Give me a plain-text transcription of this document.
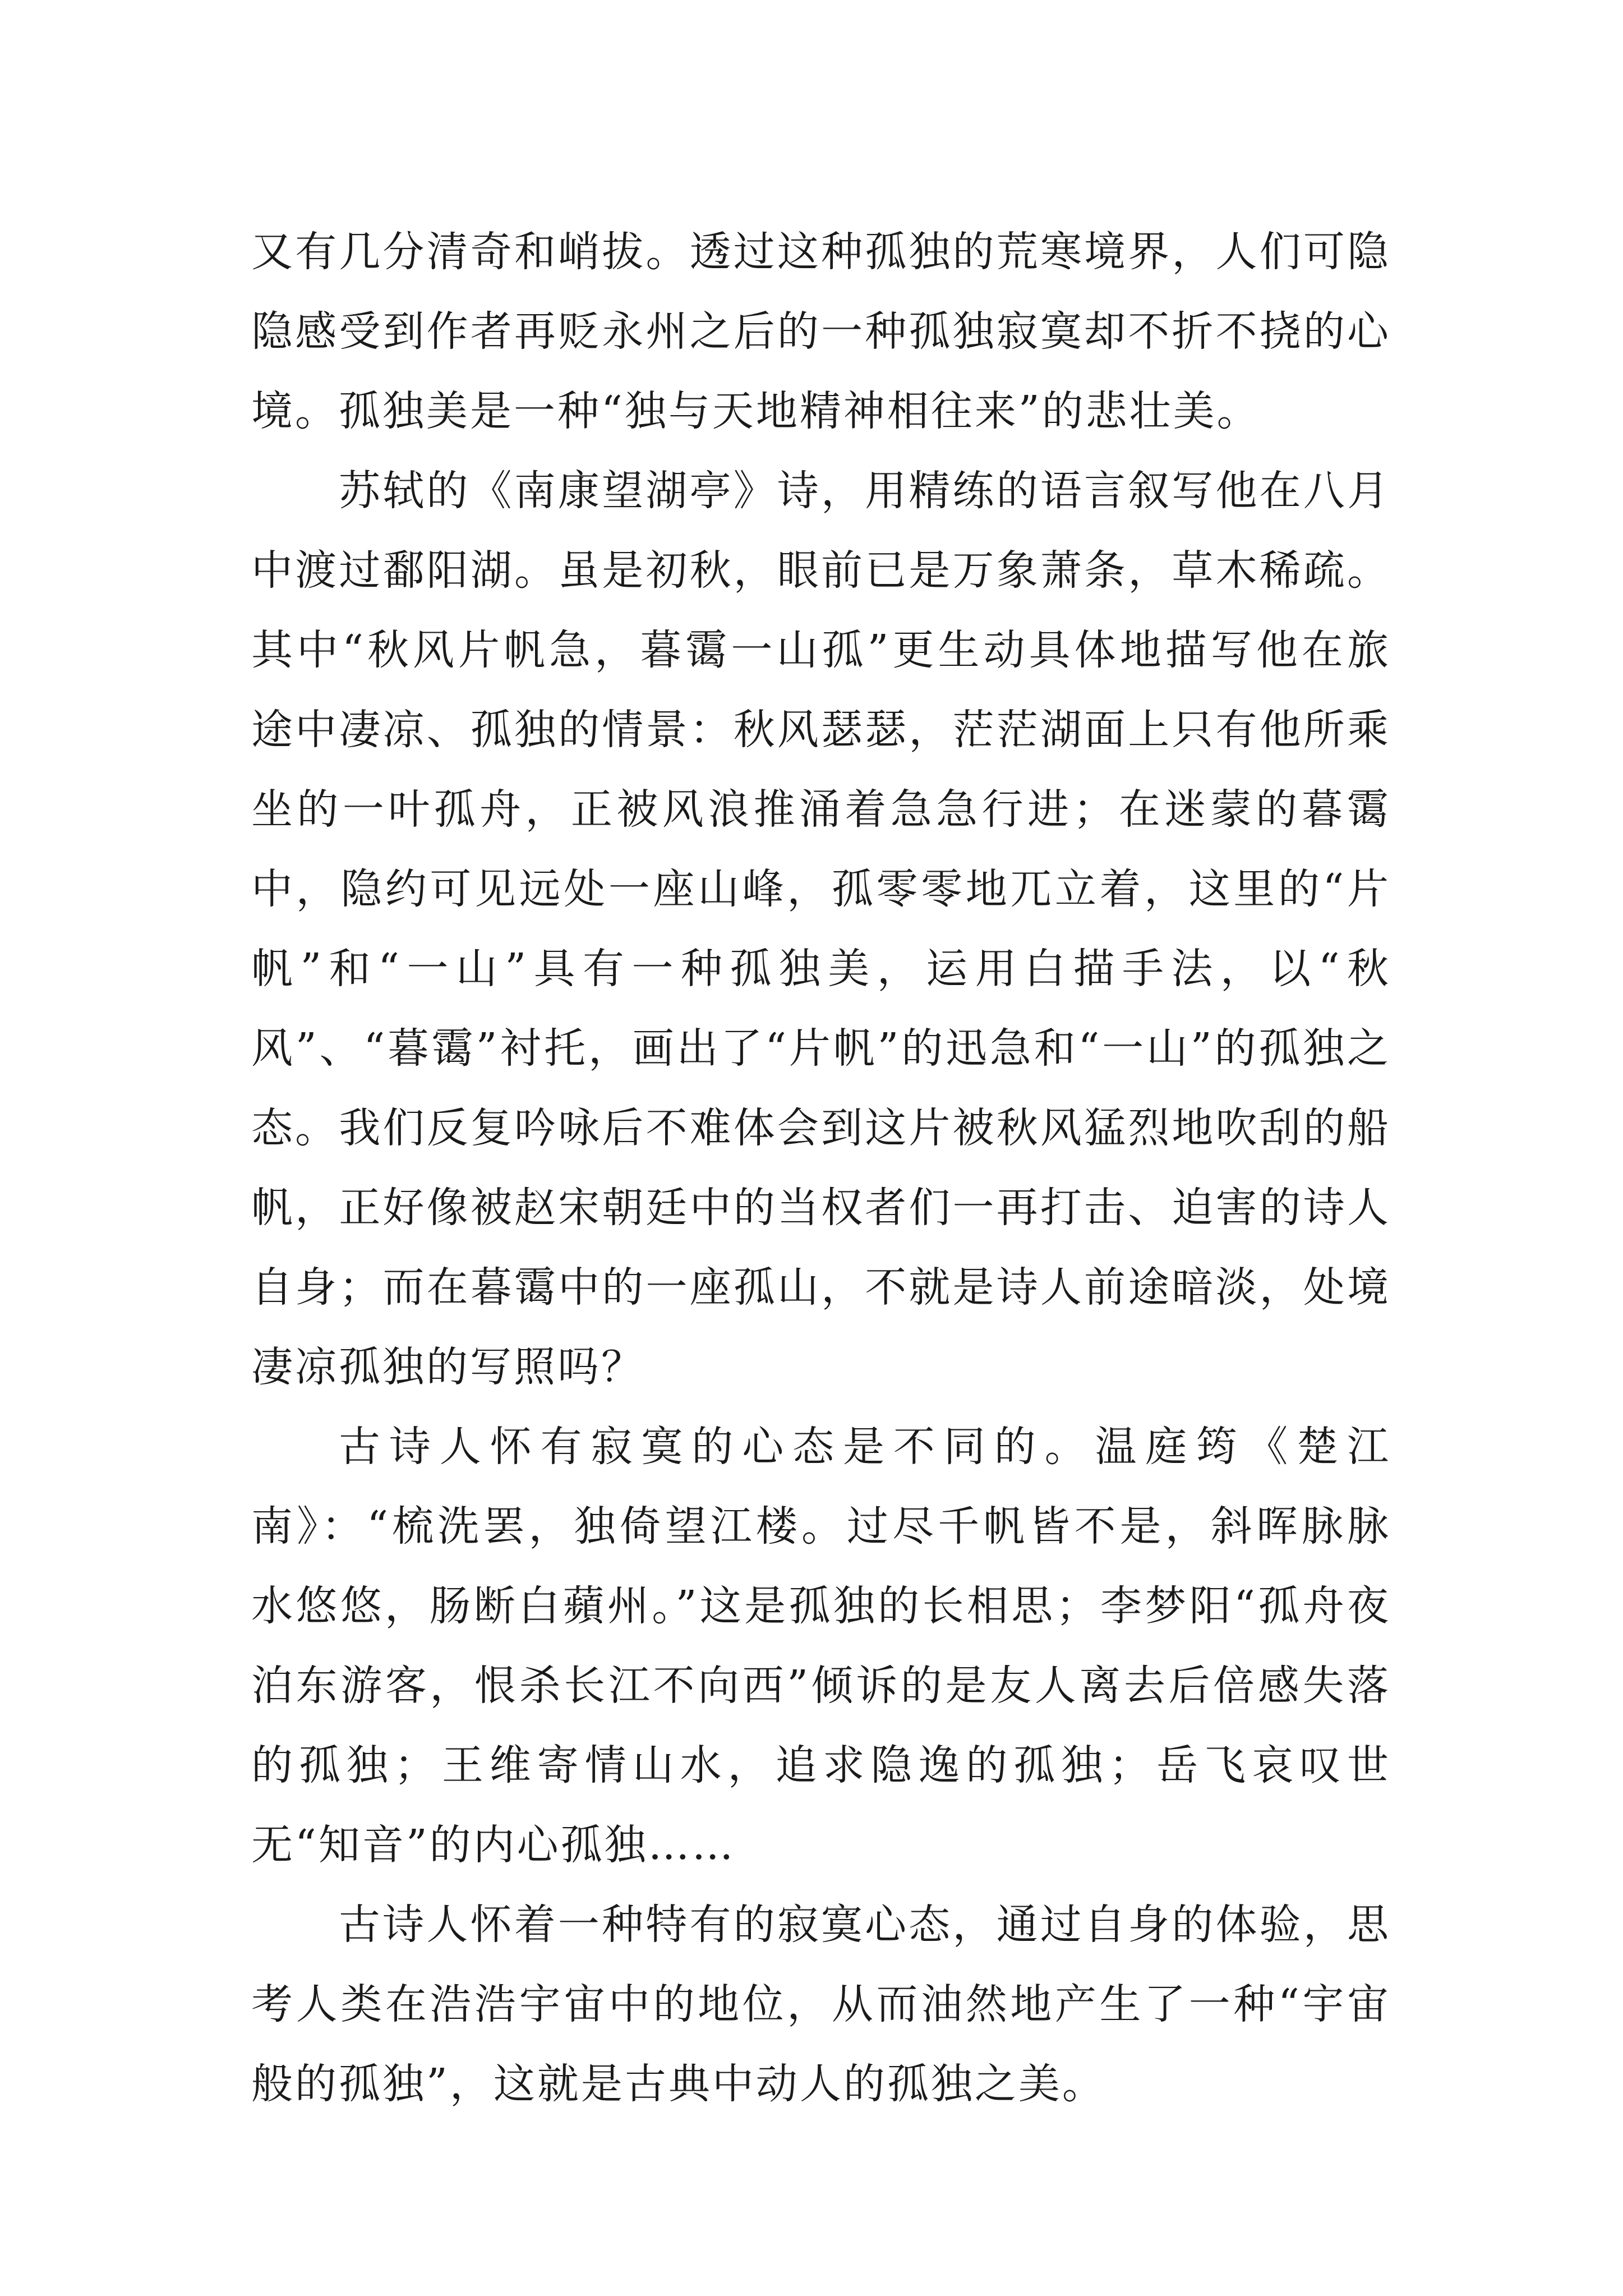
又有几分清奇和峭拔。透过这种孤独的荒寒境界，人们可隐隐感受到作者再贬永州之后的一种孤独寂寞却不折不挠的心境。孤独美是一种“独与天地精神相往来”的悲壮美。

苏轼的《南康望湖亭》诗，用精练的语言叙写他在八月中渡过鄱阳湖。虽是初秋，眼前已是万象萧条，草木稀疏。其中“秋风片帆急，暮霭一山孤”更生动具体地描写他在旅途中凄凉、孤独的情景：秋风瑟瑟，茫茫湖面上只有他所乘坐的一叶孤舟，正被风浪推涌着急急行进；在迷蒙的暮霭中，隐约可见远处一座山峰，孤零零地兀立着，这里的“片帆”和“一山”具有一种孤独美，运用白描手法，以“秋风”、“暮霭”衬托，画出了“片帆”的迅急和“一山”的孤独之态。我们反复吟咏后不难体会到这片被秋风猛烈地吹刮的船帆，正好像被赵宋朝廷中的当权者们一再打击、迫害的诗人自身；而在暮霭中的一座孤山，不就是诗人前途暗淡，处境凄凉孤独的写照吗？

古诗人怀有寂寞的心态是不同的。温庭筠《楚江南》：“梳洗罢，独倚望江楼。过尽千帆皆不是，斜晖脉脉水悠悠，肠断白蘋州。”这是孤独的长相思；李梦阳“孤舟夜泊东游客，恨杀长江不向西”倾诉的是友人离去后倍感失落的孤独；王维寄情山水，追求隐逸的孤独；岳飞哀叹世无“知音”的内心孤独……

古诗人怀着一种特有的寂寞心态，通过自身的体验，思考人类在浩浩宇宙中的地位，从而油然地产生了一种“宇宙般的孤独”，这就是古典中动人的孤独之美。
